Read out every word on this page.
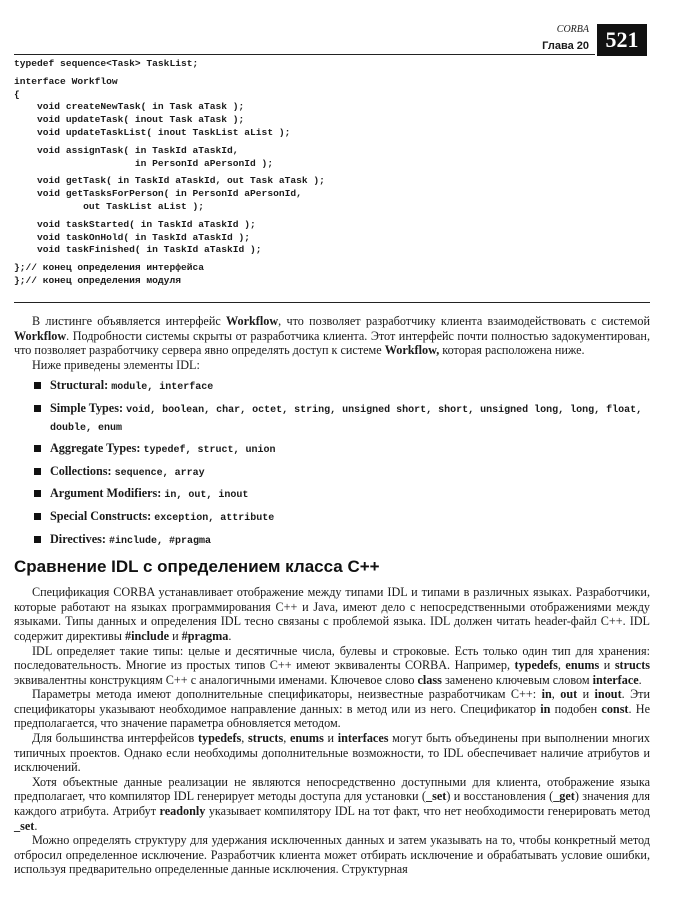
CORBA
Глава 20 521
typedef sequence<Task> TaskList;
interface Workflow
{
void createNewTask( in Task aTask );
void updateTask( inout Task aTask );
void updateTaskList( inout TaskList aList );
void assignTask( in TaskId aTaskId,
in PersonId aPersonId );
void getTask( in TaskId aTaskId, out Task aTask );
void getTasksForPerson( in PersonId aPersonId,
out TaskList aList );
void taskStarted( in TaskId aTaskId );
void taskOnHold( in TaskId aTaskId );
void taskFinished( in TaskId aTaskId );
};// конец определения интерфейса
};// конец определения модуля

В листинге объявляется интерфейс Workflow, что позволяет разработчику клиента взаимодействовать с системой Workflow. Подробности системы скрыты от разработчика клиента. Этот интерфейс почти полностью задокументирован, что позволяет разработчику сервера явно определять доступ к системе Workflow, которая расположена ниже.

Ниже приведены элементы IDL:

Structural: module, interface
Simple Types: void, boolean, char, octet, string, unsigned short, short, unsigned long, long, float, double, enum
Aggregate Types: typedef, struct, union
Collections: sequence, array
Argument Modifiers: in, out, inout
Special Constructs: exception, attribute
Directives: #include, #pragma
Сравнение IDL с определением класса C++

Спецификация CORBA устанавливает отображение между типами IDL и типами в различных языках. Разработчики, которые работают на языках программирования C++ и Java, имеют дело с непосредственными отображениями между языками. Типы данных и определения IDL тесно связаны с проблемой языка. IDL должен читать header-файл C++. IDL содержит директивы #include и #pragma.

IDL определяет такие типы: целые и десятичные числа, булевы и строковые. Есть только один тип для хранения: последовательность. Многие из простых типов C++ имеют эквиваленты CORBA. Например, typedefs, enums и structs эквивалентны конструкциям C++ с аналогичными именами. Ключевое слово class заменено ключевым словом interface.

Параметры метода имеют дополнительные спецификаторы, неизвестные разработчикам C++: in, out и inout. Эти спецификаторы указывают необходимое направление данных: в метод или из него. Спецификатор in подобен const. Не предполагается, что значение параметра обновляется методом.

Для большинства интерфейсов typedefs, structs, enums и interfaces могут быть объединены при выполнении многих типичных проектов. Однако если необходимы дополнительные возможности, то IDL обеспечивает наличие атрибутов и исключений.

Хотя объектные данные реализации не являются непосредственно доступными для клиента, отображение языка предполагает, что компилятор IDL генерирует методы доступа для установки (_set) и восстановления (_get) значения для каждого атрибута. Атрибут readonly указывает компилятору IDL на тот факт, что нет необходимости генерировать метод _set.

Можно определять структуру для удержания исключенных данных и затем указывать на то, чтобы конкретный метод отбросил определенное исключение. Разработчик клиента может отбирать исключение и обрабатывать условие ошибки, используя предварительно определенные данные исключения. Структурная
